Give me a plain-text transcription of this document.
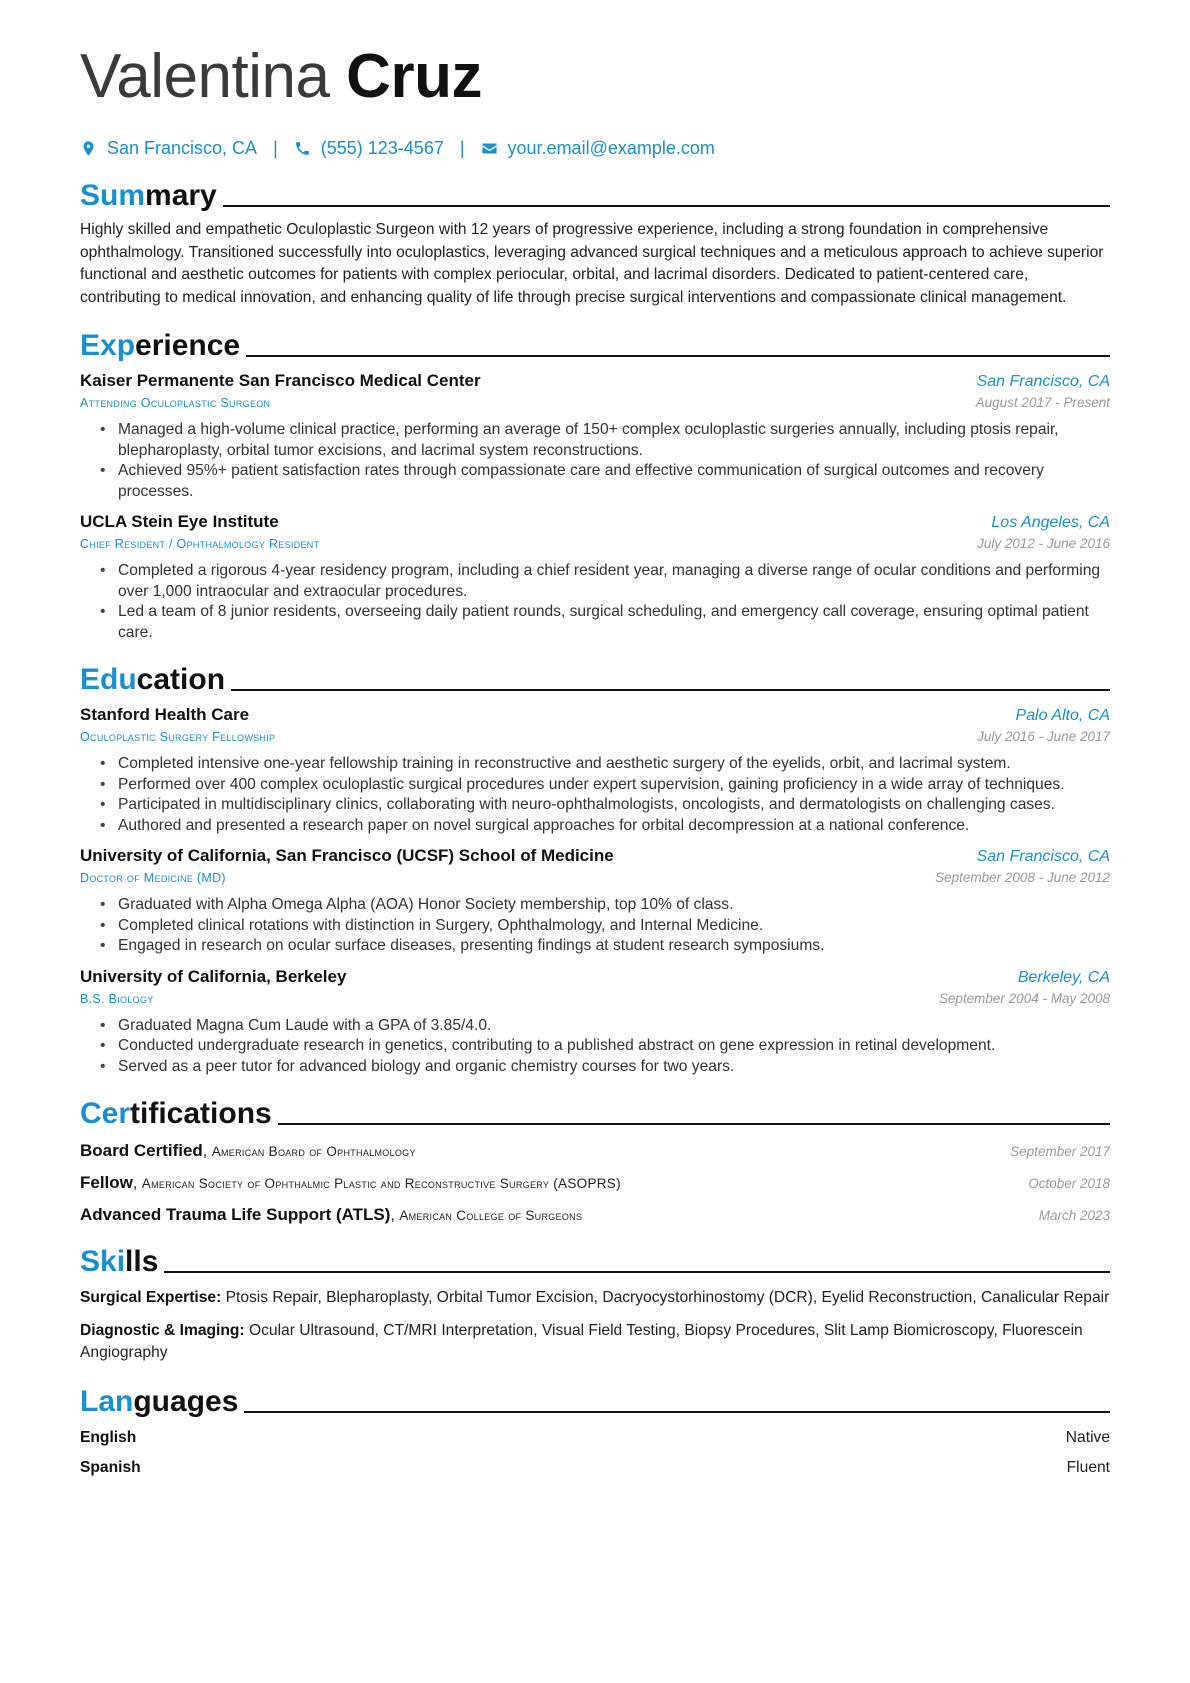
Valentina Cruz
San Francisco, CA | (555) 123-4567 | your.email@example.com
Summary
Highly skilled and empathetic Oculoplastic Surgeon with 12 years of progressive experience, including a strong foundation in comprehensive ophthalmology. Transitioned successfully into oculoplastics, leveraging advanced surgical techniques and a meticulous approach to achieve superior functional and aesthetic outcomes for patients with complex periocular, orbital, and lacrimal disorders. Dedicated to patient-centered care, contributing to medical innovation, and enhancing quality of life through precise surgical interventions and compassionate clinical management.
Experience
Kaiser Permanente San Francisco Medical Center	San Francisco, CA
Attending Oculoplastic Surgeon	August 2017 - Present
• Managed a high-volume clinical practice, performing an average of 150+ complex oculoplastic surgeries annually, including ptosis repair, blepharoplasty, orbital tumor excisions, and lacrimal system reconstructions.
• Achieved 95%+ patient satisfaction rates through compassionate care and effective communication of surgical outcomes and recovery processes.
UCLA Stein Eye Institute	Los Angeles, CA
Chief Resident / Ophthalmology Resident	July 2012 - June 2016
• Completed a rigorous 4-year residency program, including a chief resident year, managing a diverse range of ocular conditions and performing over 1,000 intraocular and extraocular procedures.
• Led a team of 8 junior residents, overseeing daily patient rounds, surgical scheduling, and emergency call coverage, ensuring optimal patient care.
Education
Stanford Health Care	Palo Alto, CA
Oculoplastic Surgery Fellowship	July 2016 - June 2017
• Completed intensive one-year fellowship training in reconstructive and aesthetic surgery of the eyelids, orbit, and lacrimal system.
• Performed over 400 complex oculoplastic surgical procedures under expert supervision, gaining proficiency in a wide array of techniques.
• Participated in multidisciplinary clinics, collaborating with neuro-ophthalmologists, oncologists, and dermatologists on challenging cases.
• Authored and presented a research paper on novel surgical approaches for orbital decompression at a national conference.
University of California, San Francisco (UCSF) School of Medicine	San Francisco, CA
Doctor of Medicine (MD)	September 2008 - June 2012
• Graduated with Alpha Omega Alpha (AOA) Honor Society membership, top 10% of class.
• Completed clinical rotations with distinction in Surgery, Ophthalmology, and Internal Medicine.
• Engaged in research on ocular surface diseases, presenting findings at student research symposiums.
University of California, Berkeley	Berkeley, CA
B.S. Biology	September 2004 - May 2008
• Graduated Magna Cum Laude with a GPA of 3.85/4.0.
• Conducted undergraduate research in genetics, contributing to a published abstract on gene expression in retinal development.
• Served as a peer tutor for advanced biology and organic chemistry courses for two years.
Certifications
Board Certified, American Board of Ophthalmology	September 2017
Fellow, American Society of Ophthalmic Plastic and Reconstructive Surgery (ASOPRS)	October 2018
Advanced Trauma Life Support (ATLS), American College of Surgeons	March 2023
Skills
Surgical Expertise: Ptosis Repair, Blepharoplasty, Orbital Tumor Excision, Dacryocystorhinostomy (DCR), Eyelid Reconstruction, Canalicular Repair
Diagnostic & Imaging: Ocular Ultrasound, CT/MRI Interpretation, Visual Field Testing, Biopsy Procedures, Slit Lamp Biomicroscopy, Fluorescein Angiography
Languages
English	Native
Spanish	Fluent
